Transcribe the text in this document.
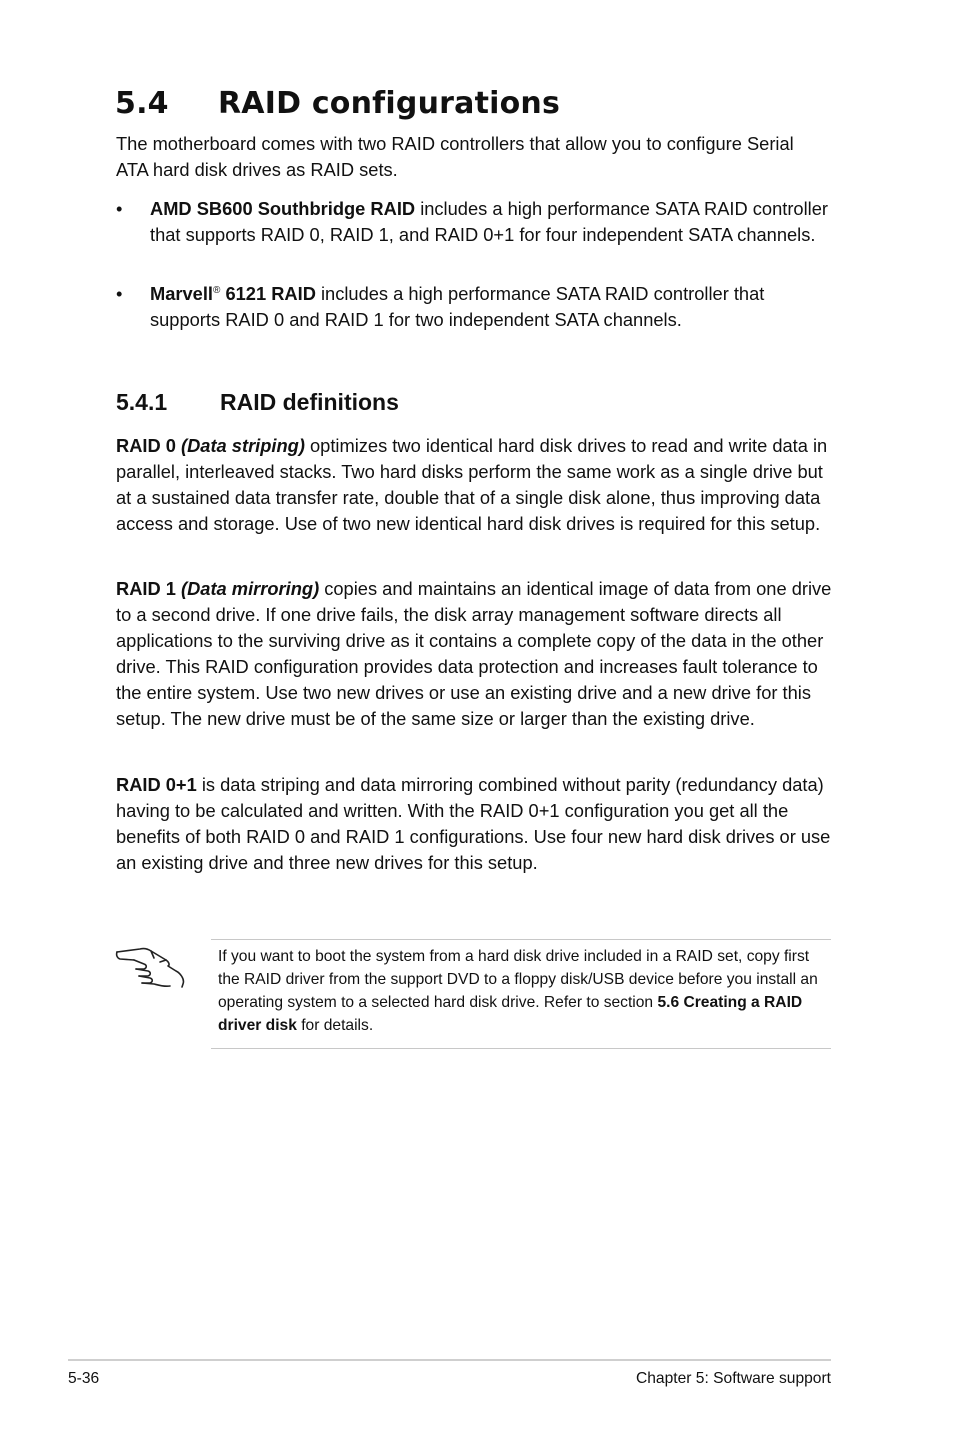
5.4 RAID configurations

The motherboard comes with two RAID controllers that allow you to configure Serial ATA hard disk drives as RAID sets.

•	AMD SB600 Southbridge RAID includes a high performance SATA RAID controller that supports RAID 0, RAID 1, and RAID 0+1 for four independent SATA channels.
•	Marvell® 6121 RAID includes a high performance SATA RAID controller that supports RAID 0 and RAID 1 for two independent SATA channels.
5.4.1 RAID definitions

RAID 0 (Data striping) optimizes two identical hard disk drives to read and write data in parallel, interleaved stacks. Two hard disks perform the same work as a single drive but at a sustained data transfer rate, double that of a single disk alone, thus improving data access and storage. Use of two new identical hard disk drives is required for this setup.

RAID 1 (Data mirroring) copies and maintains an identical image of data from one drive to a second drive. If one drive fails, the disk array management software directs all applications to the surviving drive as it contains a complete copy of the data in the other drive. This RAID configuration provides data protection and increases fault tolerance to the entire system. Use two new drives or use an existing drive and a new drive for this setup. The new drive must be of the same size or larger than the existing drive.

RAID 0+1 is data striping and data mirroring combined without parity (redundancy data) having to be calculated and written. With the RAID 0+1 configuration you get all the benefits of both RAID 0 and RAID 1 configurations. Use four new hard disk drives or use an existing drive and three new drives for this setup.

If you want to boot the system from a hard disk drive included in a RAID set, copy first the RAID driver from the support DVD to a floppy disk/USB device before you install an operating system to a selected hard disk drive. Refer to section 5.6 Creating a RAID driver disk for details.

5-36	Chapter 5: Software support
